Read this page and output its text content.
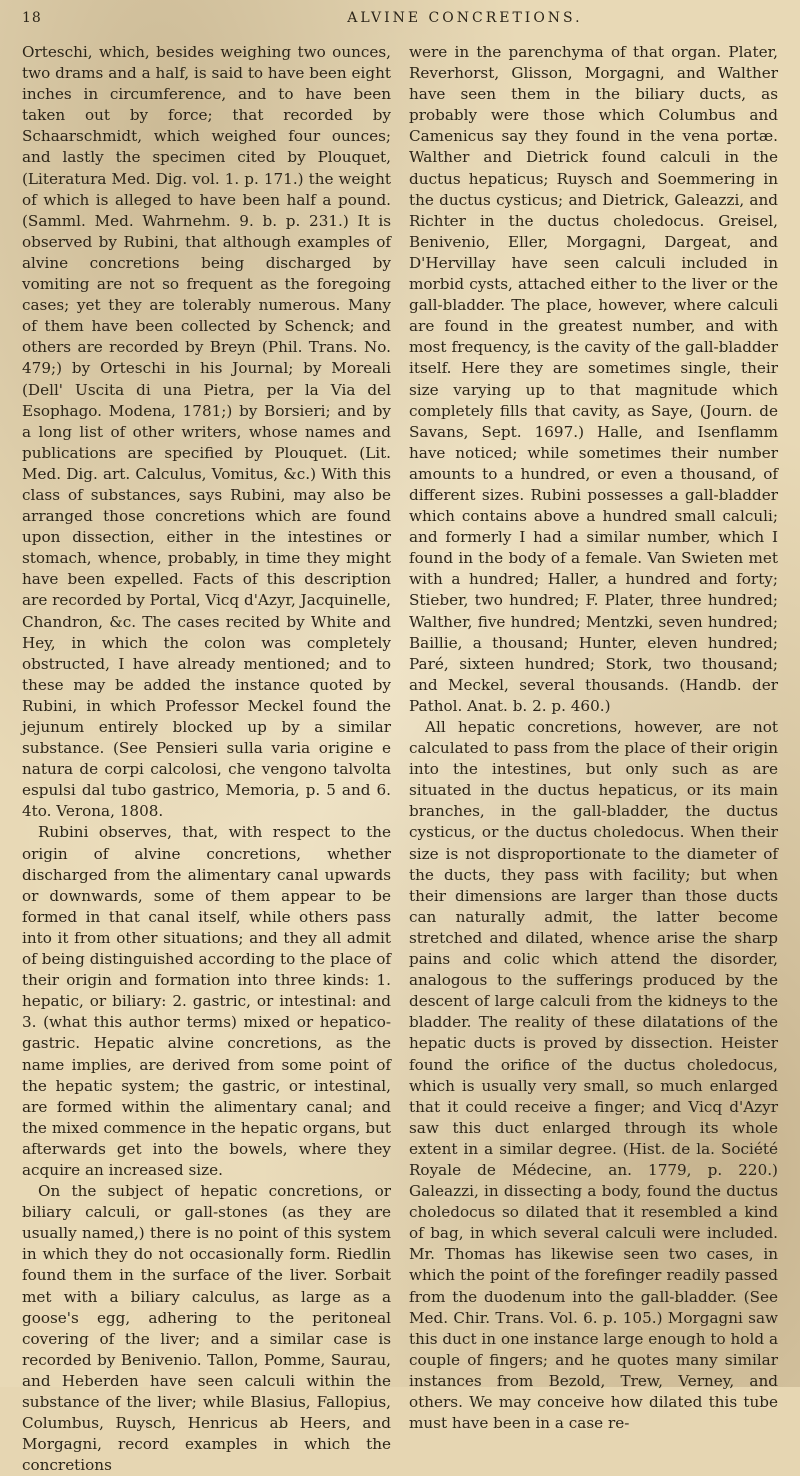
18	ALVINE CONCRETIONS.

Orteschi, which, besides weighing two ounces, two drams and a half, is said to have been eight inches in circumference, and to have been taken out by force; that recorded by Schaarschmidt, which weighed four ounces; and lastly the specimen cited by Plouquet, (Literatura Med. Dig. vol. 1. p. 171.) the weight of which is alleged to have been half a pound. (Samml. Med. Wahrnehm. 9. b. p. 231.) It is observed by Rubini, that although examples of alvine concretions being discharged by vomiting are not so frequent as the foregoing cases; yet they are tolerably numerous. Many of them have been collected by Schenck; and others are recorded by Breyn (Phil. Trans. No. 479;) by Orteschi in his Journal; by Moreali (Dell' Uscita di una Pietra, per la Via del Esophago. Modena, 1781;) by Borsieri; and by a long list of other writers, whose names and publications are specified by Plouquet. (Lit. Med. Dig. art. Calculus, Vomitus, &c.) With this class of substances, says Rubini, may also be arranged those concretions which are found upon dissection, either in the intestines or stomach, whence, probably, in time they might have been expelled. Facts of this description are recorded by Portal, Vicq d'Azyr, Jacquinelle, Chandron, &c. The cases recited by White and Hey, in which the colon was completely obstructed, I have already mentioned; and to these may be added the instance quoted by Rubini, in which Professor Meckel found the jejunum entirely blocked up by a similar substance. (See Pensieri sulla varia origine e natura de corpi calcolosi, che vengono talvolta espulsi dal tubo gastrico, Memoria, p. 5 and 6. 4to. Verona, 1808.

Rubini observes, that, with respect to the origin of alvine concretions, whether discharged from the alimentary canal upwards or downwards, some of them appear to be formed in that canal itself, while others pass into it from other situations; and they all admit of being distinguished according to the place of their origin and formation into three kinds: 1. hepatic, or biliary: 2. gastric, or intestinal: and 3. (what this author terms) mixed or hepatico-gastric. Hepatic alvine concretions, as the name implies, are derived from some point of the hepatic system; the gastric, or intestinal, are formed within the alimentary canal; and the mixed commence in the hepatic organs, but afterwards get into the bowels, where they acquire an increased size.

On the subject of hepatic concretions, or biliary calculi, or gall-stones (as they are usually named,) there is no point of this system in which they do not occasionally form. Riedlin found them in the surface of the liver. Sorbait met with a biliary calculus, as large as a goose's egg, adhering to the peritoneal covering of the liver; and a similar case is recorded by Benivenio. Tallon, Pomme, Saurau, and Heberden have seen calculi within the substance of the liver; while Blasius, Fallopius, Columbus, Ruysch, Henricus ab Heers, and Morgagni, record examples in which the concretions

were in the parenchyma of that organ. Plater, Reverhorst, Glisson, Morgagni, and Walther have seen them in the biliary ducts, as probably were those which Columbus and Camenicus say they found in the vena portæ. Walther and Dietrick found calculi in the ductus hepaticus; Ruysch and Soemmering in the ductus cysticus; and Dietrick, Galeazzi, and Richter in the ductus choledocus. Greisel, Benivenio, Eller, Morgagni, Dargeat, and D'Hervillay have seen calculi included in morbid cysts, attached either to the liver or the gall-bladder. The place, however, where calculi are found in the greatest number, and with most frequency, is the cavity of the gall-bladder itself. Here they are sometimes single, their size varying up to that magnitude which completely fills that cavity, as Saye, (Journ. de Savans, Sept. 1697.) Halle, and Isenflamm have noticed; while sometimes their number amounts to a hundred, or even a thousand, of different sizes. Rubini possesses a gall-bladder which contains above a hundred small calculi; and formerly I had a similar number, which I found in the body of a female. Van Swieten met with a hundred; Haller, a hundred and forty; Stieber, two hundred; F. Plater, three hundred; Walther, five hundred; Mentzki, seven hundred; Baillie, a thousand; Hunter, eleven hundred; Paré, sixteen hundred; Stork, two thousand; and Meckel, several thousands. (Handb. der Pathol. Anat. b. 2. p. 460.)

All hepatic concretions, however, are not calculated to pass from the place of their origin into the intestines, but only such as are situated in the ductus hepaticus, or its main branches, in the gall-bladder, the ductus cysticus, or the ductus choledocus. When their size is not disproportionate to the diameter of the ducts, they pass with facility; but when their dimensions are larger than those ducts can naturally admit, the latter become stretched and dilated, whence arise the sharp pains and colic which attend the disorder, analogous to the sufferings produced by the descent of large calculi from the kidneys to the bladder. The reality of these dilatations of the hepatic ducts is proved by dissection. Heister found the orifice of the ductus choledocus, which is usually very small, so much enlarged that it could receive a finger; and Vicq d'Azyr saw this duct enlarged through its whole extent in a similar degree. (Hist. de la. Société Royale de Médecine, an. 1779, p. 220.) Galeazzi, in dissecting a body, found the ductus choledocus so dilated that it resembled a kind of bag, in which several calculi were included. Mr. Thomas has likewise seen two cases, in which the point of the forefinger readily passed from the duodenum into the gall-bladder. (See Med. Chir. Trans. Vol. 6. p. 105.) Morgagni saw this duct in one instance large enough to hold a couple of fingers; and he quotes many similar instances from Bezold, Trew, Verney, and others. We may conceive how dilated this tube must have been in a case re-
